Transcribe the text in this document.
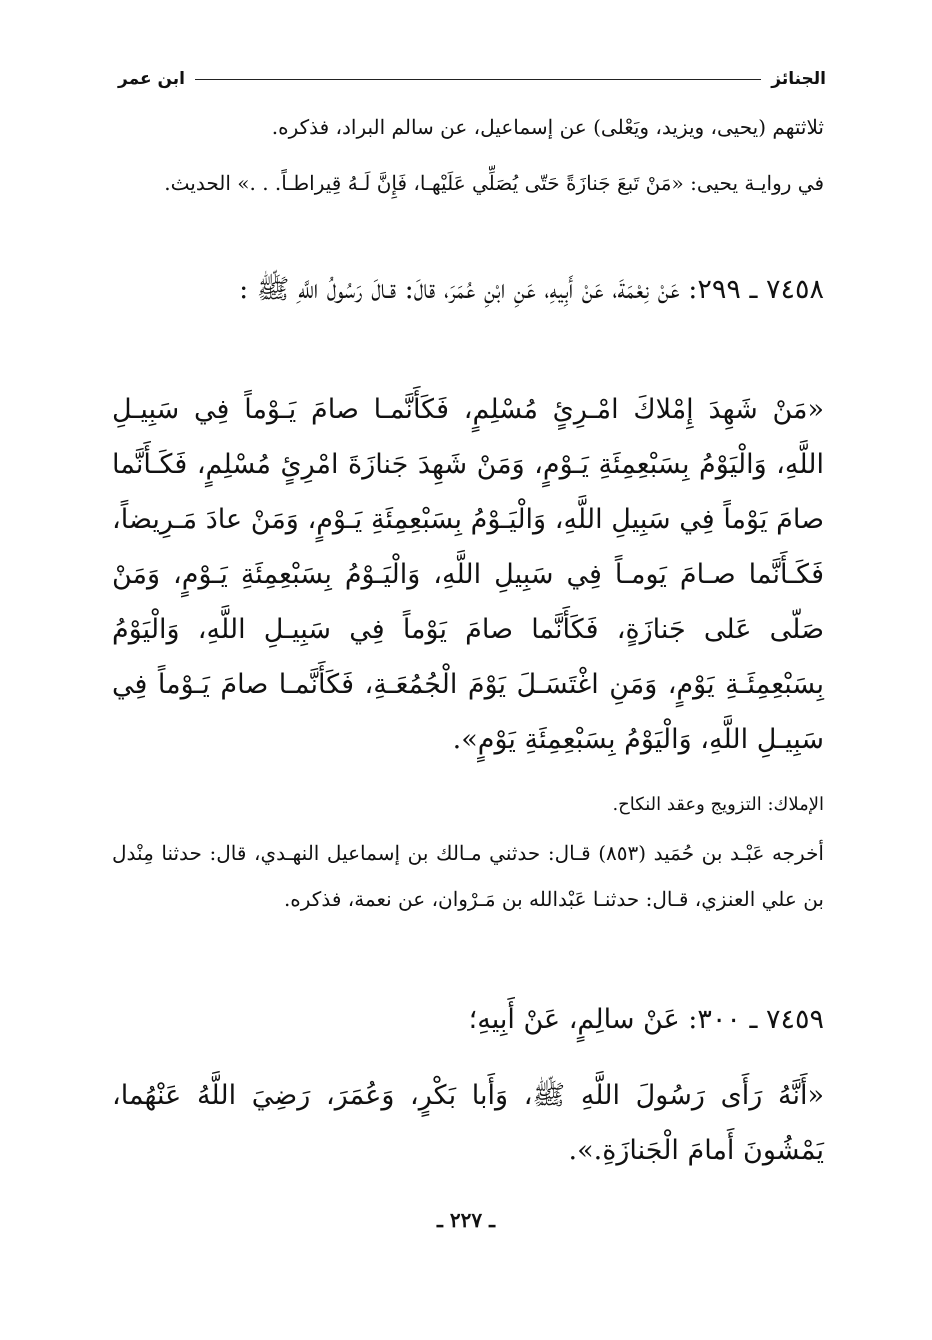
الجنائز
ابن عمر
ثلاثتهم (يحيى، ويزيد، ويَعْلى) عن إسماعيل، عن سالم البراد، فذكره.
في روايـة يحيى: «مَنْ تَبعَ جَنازَةً حَتّى يُصَلِّي عَلَيْهـا، فَإِنَّ لَـهُ قِيراطـاً. . .» الحديث.
٧٤٥٨ ـ ٢٩٩: عَنْ نِعْمَةَ، عَنْ أَبِيهِ، عَنِ ابْنِ عُمَرَ، قالَ: قـالَ رَسُولُ اللَّهِ ﷺ :
«مَنْ شَهِدَ إِمْلاكَ امْـرِئٍ مُسْلِمٍ، فَكَأَنَّمـا صامَ يَـوْماً فِي سَبِيـلِ اللَّهِ، وَالْيَوْمُ بِسَبْعِمِئَةِ يَـوْمٍ، وَمَنْ شَهِدَ جَنازَةَ امْرِئٍ مُسْلِمٍ، فَكَـأَنَّما صامَ يَوْماً فِي سَبِيلِ اللَّهِ، وَالْيَـوْمُ بِسَبْعِمِئَةِ يَـوْمٍ، وَمَنْ عادَ مَـرِيضاً، فَكَـأَنَّما صـامَ يَومـاً فِي سَبِيلِ اللَّهِ، وَالْيَـوْمُ بِسَبْعِمِئَةِ يَـوْمٍ، وَمَنْ صَلّى عَلى جَنازَةٍ، فَكَأَنَّما صامَ يَوْماً فِي سَبِيـلِ اللَّهِ، وَالْيَوْمُ بِسَبْعِمِئَـةِ يَوْمٍ، وَمَنِ اغْتَسَـلَ يَوْمَ الْجُمُعَـةِ، فَكَأَنَّمـا صامَ يَـوْماً فِي سَبِيـلِ اللَّهِ، وَالْيَوْمُ بِسَبْعِمِئَةِ يَوْمٍ».
الإملاك: التزويج وعقد النكاح.
أخرجه عَبْـد بن حُمَيد (٨٥٣) قـال: حدثني مـالك بن إسماعيل النهـدي، قال: حدثنا مِنْدل بن علي العنزي، قـال: حدثنـا عَبْدالله بن مَـرْوان، عن نعمة، فذكره.
٧٤٥٩ ـ ٣٠٠: عَنْ سالِمٍ، عَنْ أَبِيهِ؛
«أَنَّهُ رَأَى رَسُولَ اللَّهِ ﷺ، وَأَبا بَكْرٍ، وَعُمَرَ، رَضِيَ اللَّهُ عَنْهُما، يَمْشُونَ أَمامَ الْجَنازَةِ.».
ـ ٢٢٧ ـ
